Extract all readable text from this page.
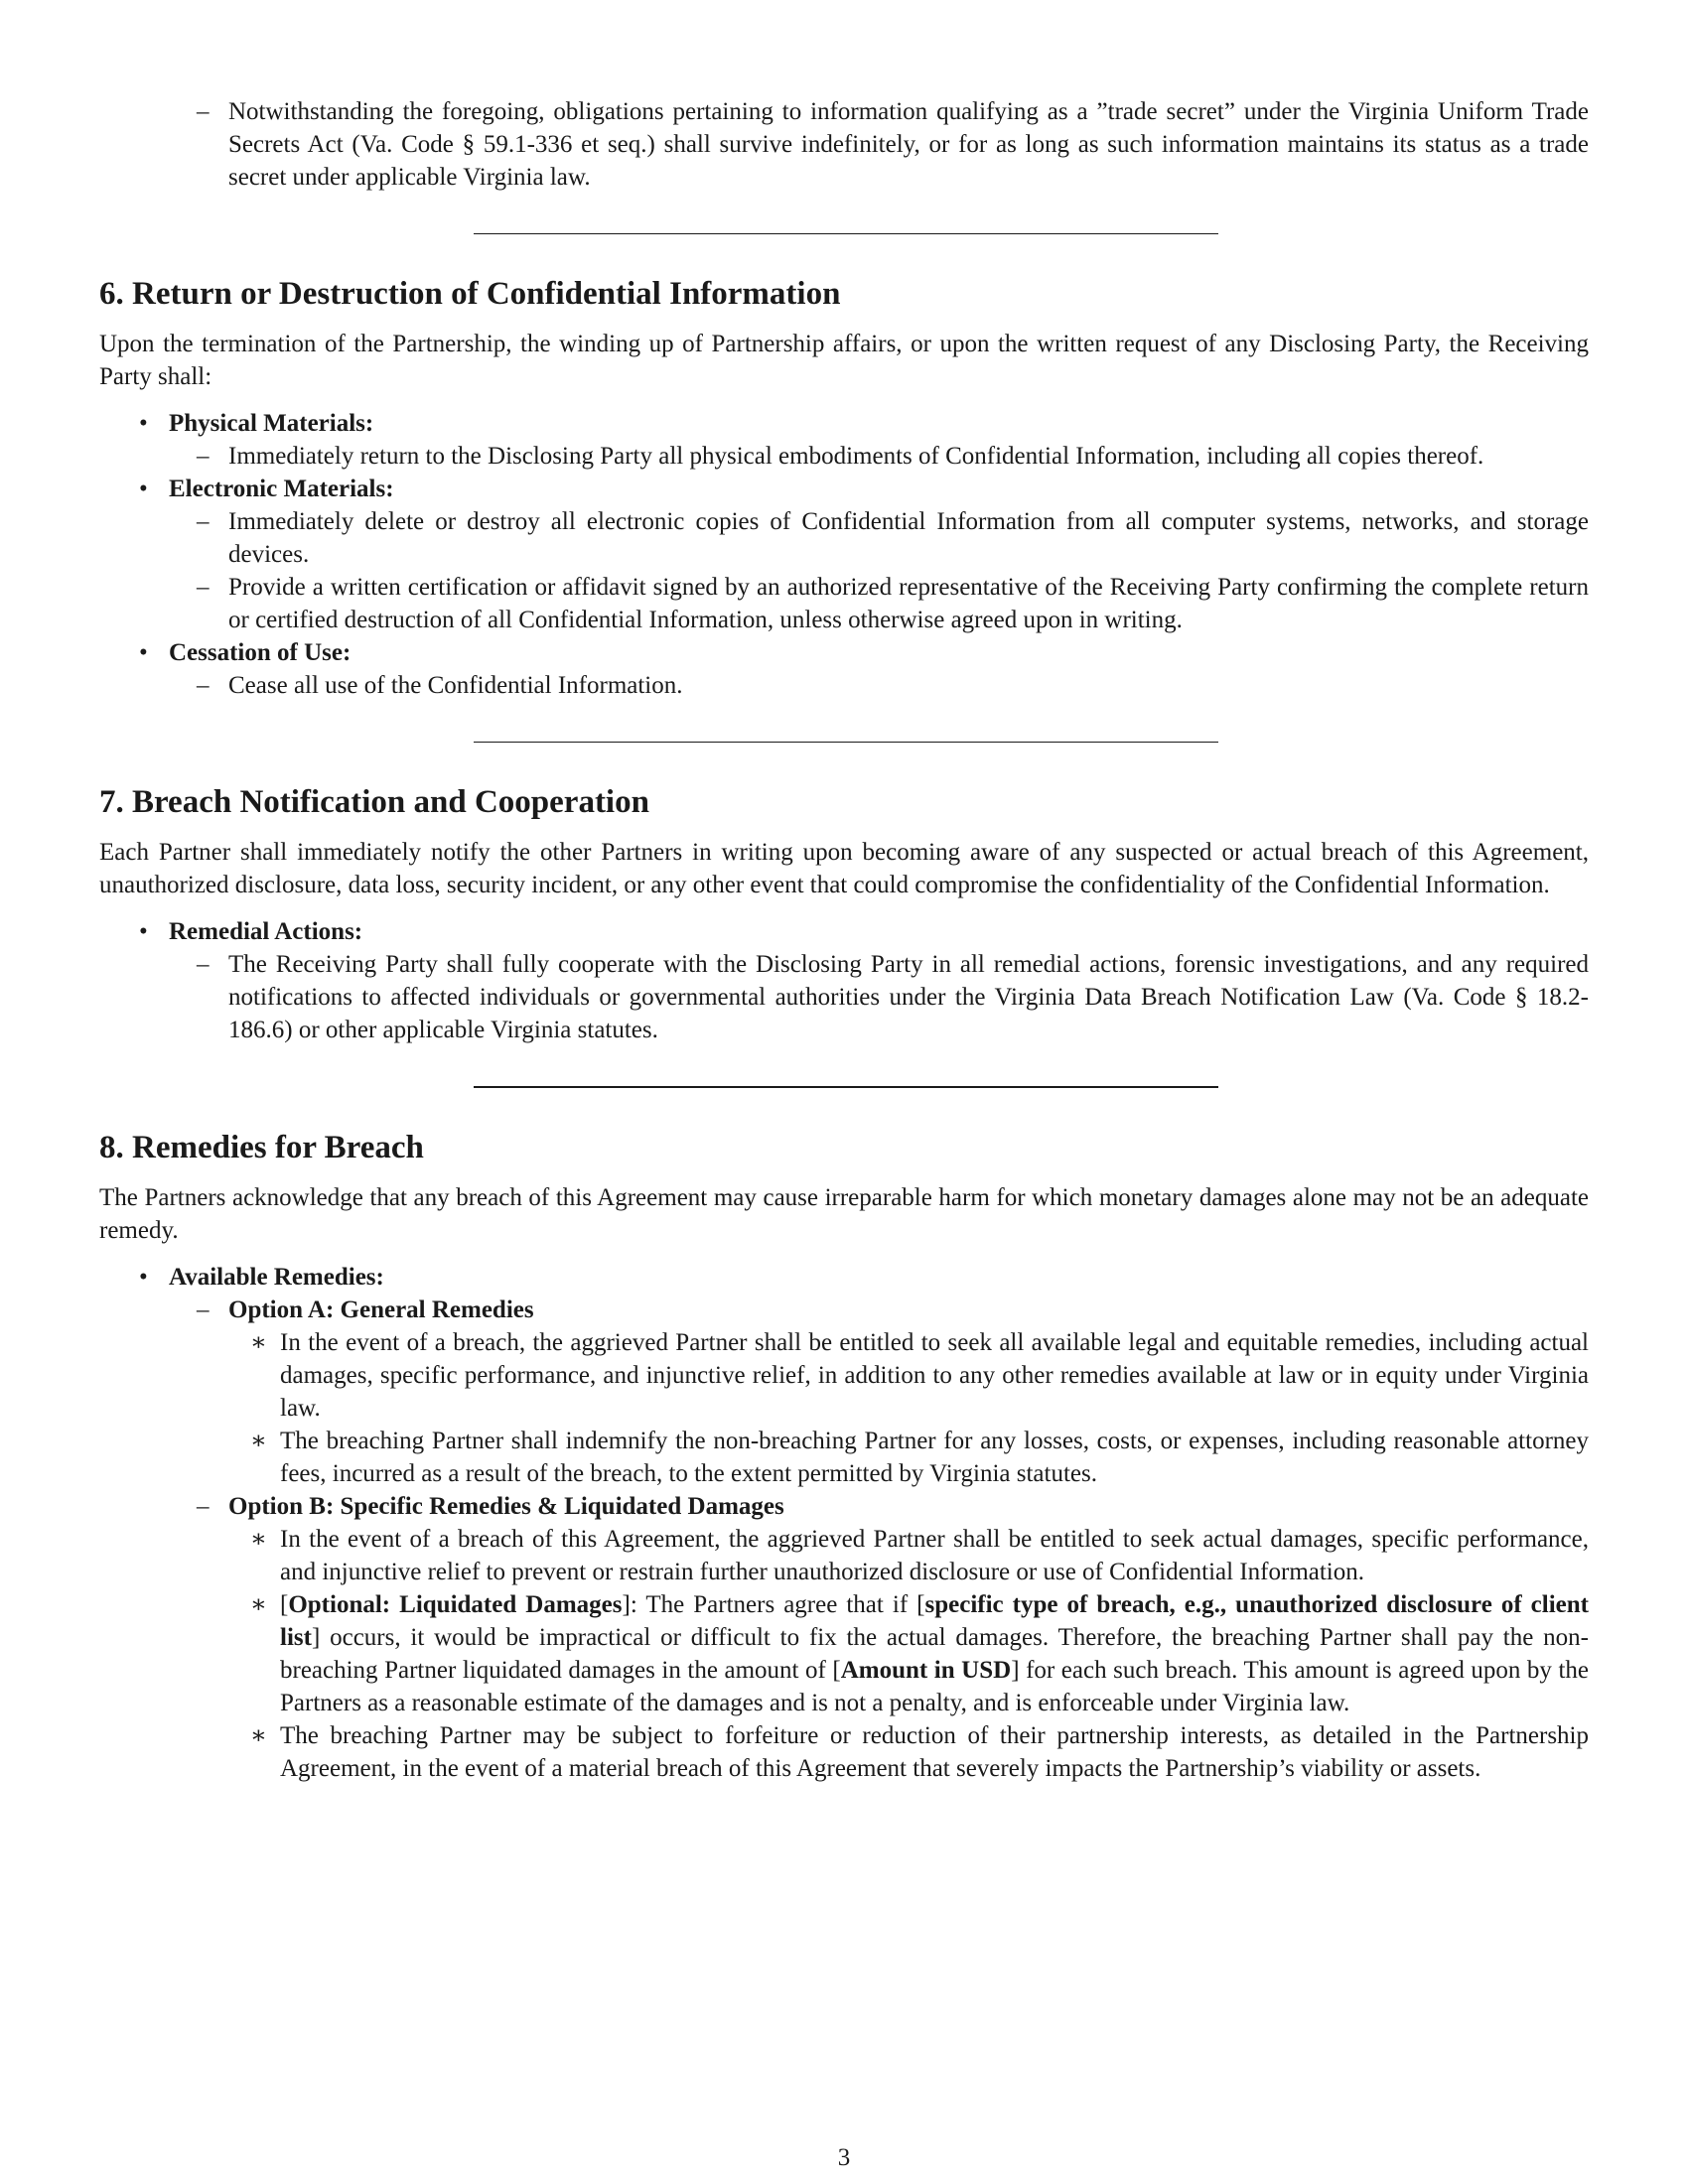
– Notwithstanding the foregoing, obligations pertaining to information qualifying as a ”trade secret” under the Virginia Uniform Trade Secrets Act (Va. Code § 59.1-336 et seq.) shall survive indefinitely, or for as long as such information maintains its status as a trade secret under applicable Virginia law.
6. Return or Destruction of Confidential Information

Upon the termination of the Partnership, the winding up of Partnership affairs, or upon the written request of any Disclosing Party, the Receiving Party shall:

• Physical Materials:
– Immediately return to the Disclosing Party all physical embodiments of Confidential Information, including all copies thereof.
• Electronic Materials:
– Immediately delete or destroy all electronic copies of Confidential Information from all computer systems, networks, and storage devices.
– Provide a written certification or affidavit signed by an authorized representative of the Receiving Party confirming the complete return or certified destruction of all Confidential Information, unless otherwise agreed upon in writing.
• Cessation of Use:
– Cease all use of the Confidential Information.
7. Breach Notification and Cooperation

Each Partner shall immediately notify the other Partners in writing upon becoming aware of any suspected or actual breach of this Agreement, unauthorized disclosure, data loss, security incident, or any other event that could compromise the confidentiality of the Confidential Information.

• Remedial Actions:
– The Receiving Party shall fully cooperate with the Disclosing Party in all remedial actions, forensic investigations, and any required notifications to affected individuals or governmental authorities under the Virginia Data Breach Notification Law (Va. Code § 18.2-186.6) or other applicable Virginia statutes.
8. Remedies for Breach

The Partners acknowledge that any breach of this Agreement may cause irreparable harm for which monetary damages alone may not be an adequate remedy.

• Available Remedies:
– Option A: General Remedies
∗ In the event of a breach, the aggrieved Partner shall be entitled to seek all available legal and equitable remedies, including actual damages, specific performance, and injunctive relief, in addition to any other remedies available at law or in equity under Virginia law.
∗ The breaching Partner shall indemnify the non-breaching Partner for any losses, costs, or expenses, including reasonable attorney fees, incurred as a result of the breach, to the extent permitted by Virginia statutes.
– Option B: Specific Remedies & Liquidated Damages
∗ In the event of a breach of this Agreement, the aggrieved Partner shall be entitled to seek actual damages, specific performance, and injunctive relief to prevent or restrain further unauthorized disclosure or use of Confidential Information.
∗ [Optional: Liquidated Damages]: The Partners agree that if [specific type of breach, e.g., unauthorized disclosure of client list] occurs, it would be impractical or difficult to fix the actual damages. Therefore, the breaching Partner shall pay the non-breaching Partner liquidated damages in the amount of [Amount in USD] for each such breach. This amount is agreed upon by the Partners as a reasonable estimate of the damages and is not a penalty, and is enforceable under Virginia law.
∗ The breaching Partner may be subject to forfeiture or reduction of their partnership interests, as detailed in the Partnership Agreement, in the event of a material breach of this Agreement that severely impacts the Partnership’s viability or assets.
3
